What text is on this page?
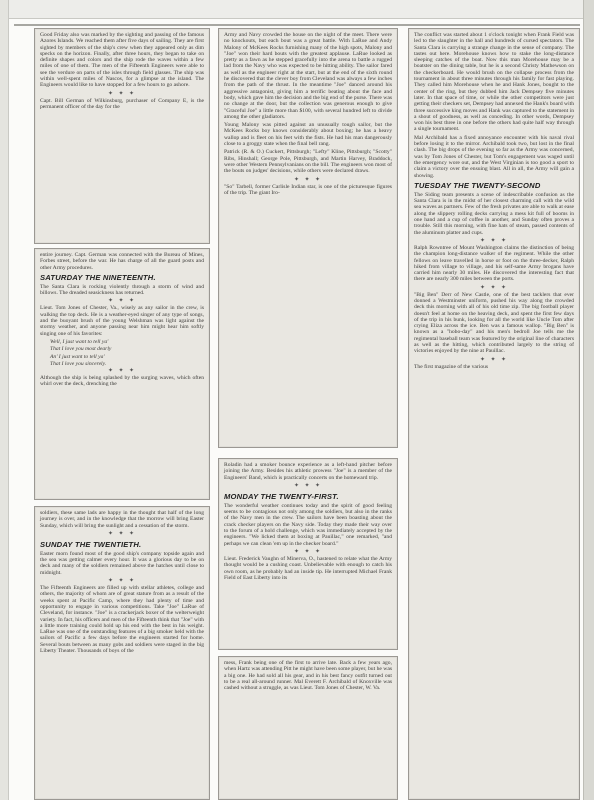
Good Friday also was marked by the sighting and passing of the famous Azores Islands. We reached them after five days of sailing. They are first sighted by members of the ship's crew when they appeared only as dim specks on the horizon. Finally, after three hours, they began to take on definite shapes and colors and the ship rode the waves within a few miles of one of them. The men of the Fifteenth Engineers were able to see the verdure on parts of the isles through field glasses. The ship was within well-spent miles of Nascos, for a glimpse at the island. The Engineers would like to have stopped for a few hours to go ashore.

✦ ✦ ✦

Capt. Bill German of Wilkinsburg, purchaser of Company E, is the permanent officer of the day for the

entire journey. Capt. German was connected with the Bureau of Mines, Forbes street, before the war. He has charge of all the guard posts and other Army procedures.

SATURDAY THE NINETEENTH.

The Santa Clara is rocking violently through a storm of wind and billows. The dreaded seasickness has returned.

✦ ✦ ✦

Lieut. Tom Jones of Chester, Va., wisely as any sailor in the crew, is walking the top deck. He is a weather-eyed singer of any type of songs, and the buoyant brush of the young Welshman was light against the stormy weather, and anyone passing near him might hear him softly singing one of his favorites:

Well, I just want to tell ya'
That I love you most dearly
An' I just want to tell ya'
That I love you sincerely.
✦ ✦ ✦

Although the ship is being splashed by the surging waves, which often whirl over the deck, drenching the

soldiers, these same lads are happy in the thought that half of the long journey is over, and in the knowledge that the morrow will bring Easter Sunday, which will bring the sunlight and a cessation of the storm.

✦ ✦ ✦
SUNDAY THE TWENTIETH.

Easter morn found most of the good ship's company topside again and the sea was getting calmer every hour. It was a glorious day to be on deck and many of the soldiers remained above the hatches until close to midnight.

✦ ✦ ✦

The Fifteenth Engineers are filled up with stellar athletes, college and others, the majority of whom are of great stature from as a result of the weeks spent at Pacific Camp, where they had plenty of time and opportunity to engage in various competitions. Take "Joe" LaRue of Cleveland, for instance. "Joe" is a crackerjack boxer of the welterweight variety. In fact, his officers and men of the Fifteenth think that "Joe" with a little more training could hold up his end with the best in his weight. LaRue was one of the outstanding features of a big smoker held with the sailors of Pacific a few days before the engineers started for home. Several bouts between as many gobs and soldiers were staged in the big Liberty Theater. Thousands of boys of the

Army and Navy crowded the house on the night of the meet. There were no knockouts, but each bout was a great battle. With LaRue and Andy Malony of McKees Rocks furnishing many of the high spots, Malony and "Joe" won their hard bouts with the greatest applause. LaRue looked as pretty as a fawn as he stepped gracefully into the arena to battle a rugged lad from the Navy who was expected to be hitting ability. The sailor fared as well as the engineer right at the start, but at the end of the sixth round he discovered that the clever boy from Cleveland was always a few inches from the path of the thrust. In the meantime "Joe" danced around his aggressive antagonist, giving him a terrific beating about the face and body, which gave him the decision and the big end of the purse. There was no change at the door, but the collection was generous enough to give "Graceful Joe" a little more than $100, with several hundred left to divide among the other gladiators.

Young Malony was pitted against an unusually tough sailor, but the McKees Rocks boy knows considerably about boxing; he has a heavy wallop and is fleet on his feet with the fists. He had his man dangerously close to a groggy state when the final bell rang.

Patrick (R. & O.) Cuckert, Pittsburgh; "Lefty" Kline, Pittsburgh; "Scotty" Ribs, Hinshall; George Pole, Pittsburgh, and Martin Harvey, Braddock, were other Western Pennsylvanians on the bill. The engineers won most of the bouts on judges' decisions, while others were declared draws.

✦ ✦ ✦

"So" Tarbell, former Carlisle Indian star, is one of the picturesque figures of the trip. The giant Iro-

Roladin had a smoker bounce experience as a left-hand pitcher before joining the Army. Besides his athletic prowess "Joe" is a member of the Engineers' Band, which is practically concerts on the homeward trip.

✦ ✦ ✦
MONDAY THE TWENTY-FIRST.

The wonderful weather continues today and the spirit of good feeling seems to be contagious not only among the soldiers, but also in the ranks of the Navy men in the crew. The sailors have been boasting about the crack checker players on the Navy side. Today they made their way over to the forum of a hold challenge, which was immediately accepted by the engineers. "We licked them at boxing at Pauillac," one remarked, "and perhaps we can clean 'em up in the checker board."

✦ ✦ ✦

Lieut. Frederick Vaughn of Minerva, O., hastened to relate what the Army thought would be a cushing coast. Unbelievable with enough to catch his own room, as he probably had an inside tip. He interrupted Michael Frank Field of East Liberty into its

mess, Frank being one of the first to arrive late. Back a few years ago, when Hartz was attending Pitt he might have been some player, but he was a big one. He had sold all his gear, and in his best fancy outfit turned out to be a real all-around runner. Mal Everett F. Archibald of Knoxville was cashed without a struggle, as was Lieut. Tom Jones of Chester, W. Va.

The conflict was started about 1 o'clock tonight when Frank Field was led to the slaughter in the hall and hundreds of cursed spectators. The Santa Clara is carrying a strange change in the sense of company. The tastes out here. Morehouse knows how to stake the long-distance sleeping catches of the boat. Now this man Morehouse may be a boatster on the dining table, but he is a second Christy Mathewson on the checkerboard. He would brush on the collapse process from the tournament in about three minutes through his family for fast playing. They called him Morehouse when he and Hank Jones, bought to the center of the ring, but they dubbed him Jack Dempsey five minutes later. In that space of time, or while the other competitors were just getting their checkers set, Dempsey had annexed the Hank's board with three successive king moves and Hank was captured to the statement in a shout of goodness, as well as conceding. In other words, Dempsey won his best three in one before the others had quite half way through a single tournament.

Mal Archibald has a fixed annoyance encounter with his naval rival before losing it to the mirror. Archibald took two, but lost in the final clash. The big drops of the evening so far as the Army was concerned, was by Tom Jones of Chester, but Tom's engagement was waged until the emergency wore out, and the West Virginian is too good a sport to claim a victory over the ensuing blast. All in all, the Army will gain a showing.

TUESDAY THE TWENTY-SECOND

The Siding team presents a scene of indescribable confusion as the Santa Clara is in the midst of her closest charming call with the wild sea waves as partners. Few of the fresh privates are able to walk at ease along the slippery rolling decks carrying a mess kit full of booms in one hand and a cup of coffee in another, and Sunday often proves a trouble. Still this morning, with fine hats of steam, passed contents of the aluminum platter and cups.

✦ ✦ ✦

Ralph Rowntree of Mount Washington claims the distinction of being the champion long-distance walker of the regiment. While the other fellows on leave travelled in horse or foot on the three-decker, Ralph hiked from village to village, and his self-same Army brogans have carried him nearly 30 miles. He discovered the interesting fact that there are nearly 300 miles between the ports.

✦ ✦ ✦

"Big Ben" Derr of New Castle, one of the best tacklers that ever donned a Westminster uniform, pushed his way along the crowded deck this morning with all of his old time zip. The big football player doesn't feel at home on the heaving deck, and spent the first few days of the trip in his bunk, looking for all the world like Uncle Tom after crying Eliza across the ice. Ben was a famous wallop. "Big Ben" is known as a "hobo-day" and his men's bedroll Joe tells me the regimental baseball team was featured by the original line of characters as well as the hitting, which contributed largely to the string of victories enjoyed by the nine at Pauillac.

✦ ✦ ✦

The first magazine of the various
